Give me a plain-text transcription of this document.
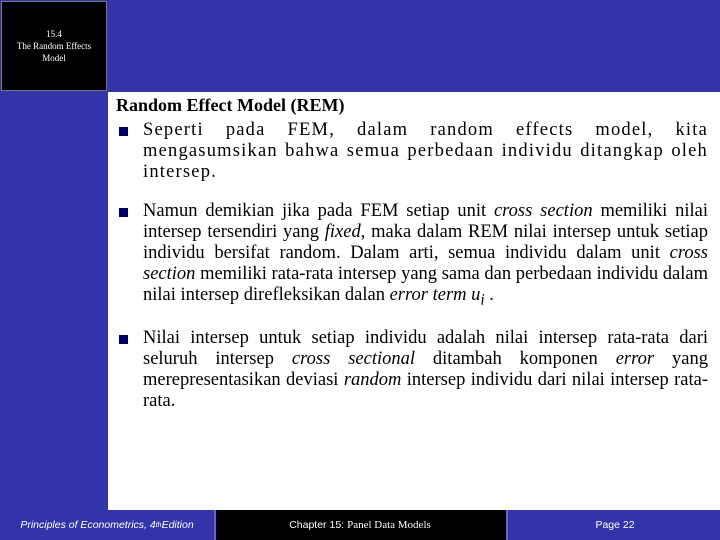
15.4
The Random Effects
Model
Random Effect Model (REM)
Seperti pada FEM, dalam random effects model, kita mengasumsikan bahwa semua perbedaan individu ditangkap oleh intersep.
Namun demikian jika pada FEM setiap unit cross section memiliki nilai intersep tersendiri yang fixed, maka dalam REM nilai intersep untuk setiap individu bersifat random. Dalam arti, semua individu dalam unit cross section memiliki rata-rata intersep yang sama dan perbedaan individu dalam nilai intersep direfleksikan dalan error term $u_i$ .
Nilai intersep untuk setiap individu adalah nilai intersep rata-rata dari seluruh intersep cross sectional ditambah komponen error yang merepresentasikan deviasi random intersep individu dari nilai intersep rata-rata.
Principles of Econometrics, 4 th Edition	Chapter 15: Panel Data Models	Page 22
